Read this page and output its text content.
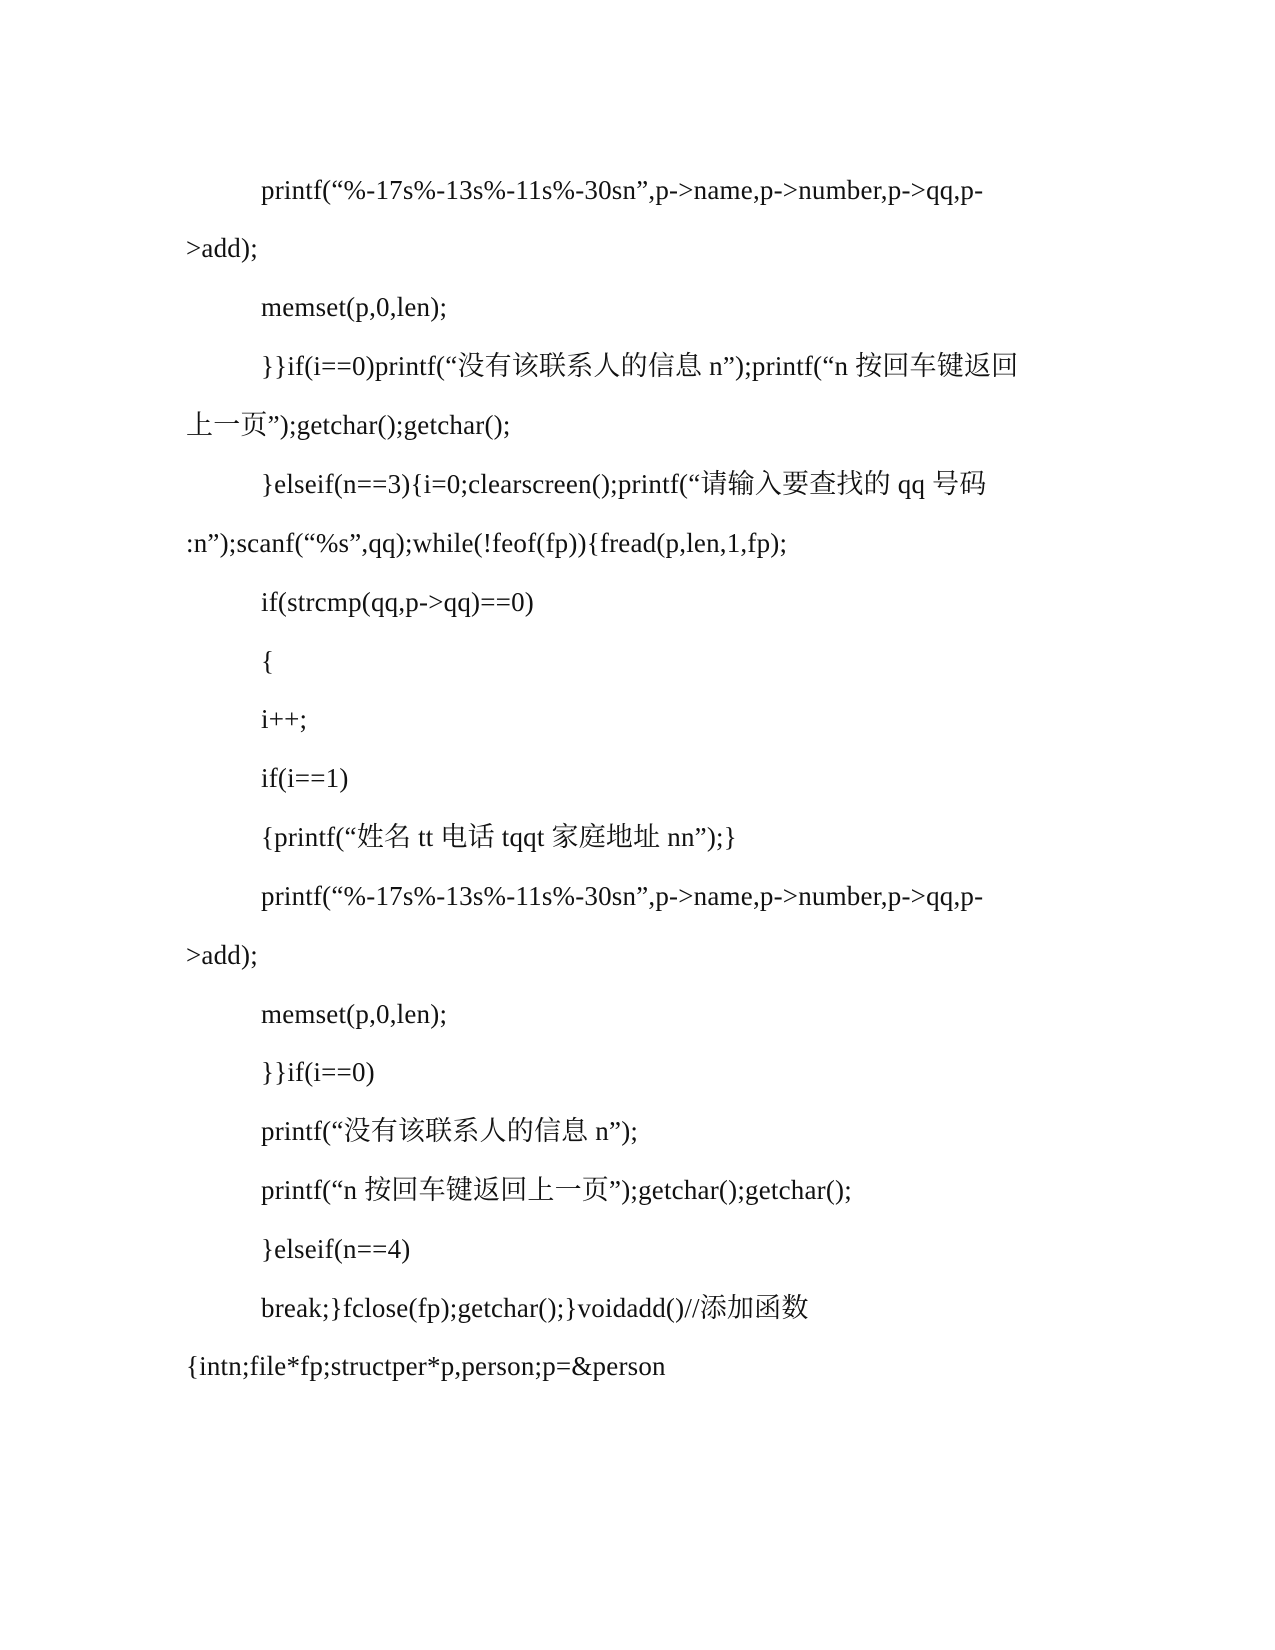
printf(“%-17s%-13s%-11s%-30sn”,p->name,p->number,p->qq,p-
>add);
memset(p,0,len);
}}if(i==0)printf(“没有该联系人的信息 n”);printf(“n 按回车键返回
上一页”);getchar();getchar();
}elseif(n==3){i=0;clearscreen();printf(“请输入要查找的 qq 号码
:n”);scanf(“%s”,qq);while(!feof(fp)){fread(p,len,1,fp);
if(strcmp(qq,p->qq)==0)
{
i++;
if(i==1)
{printf(“姓名 tt 电话 tqqt 家庭地址 nn”);}
printf(“%-17s%-13s%-11s%-30sn”,p->name,p->number,p->qq,p-
>add);
memset(p,0,len);
}}if(i==0)
printf(“没有该联系人的信息 n”);
printf(“n 按回车键返回上一页”);getchar();getchar();
}elseif(n==4)
break;}fclose(fp);getchar();}voidadd()//添加函数
{intn;file*fp;structper*p,person;p=&person
